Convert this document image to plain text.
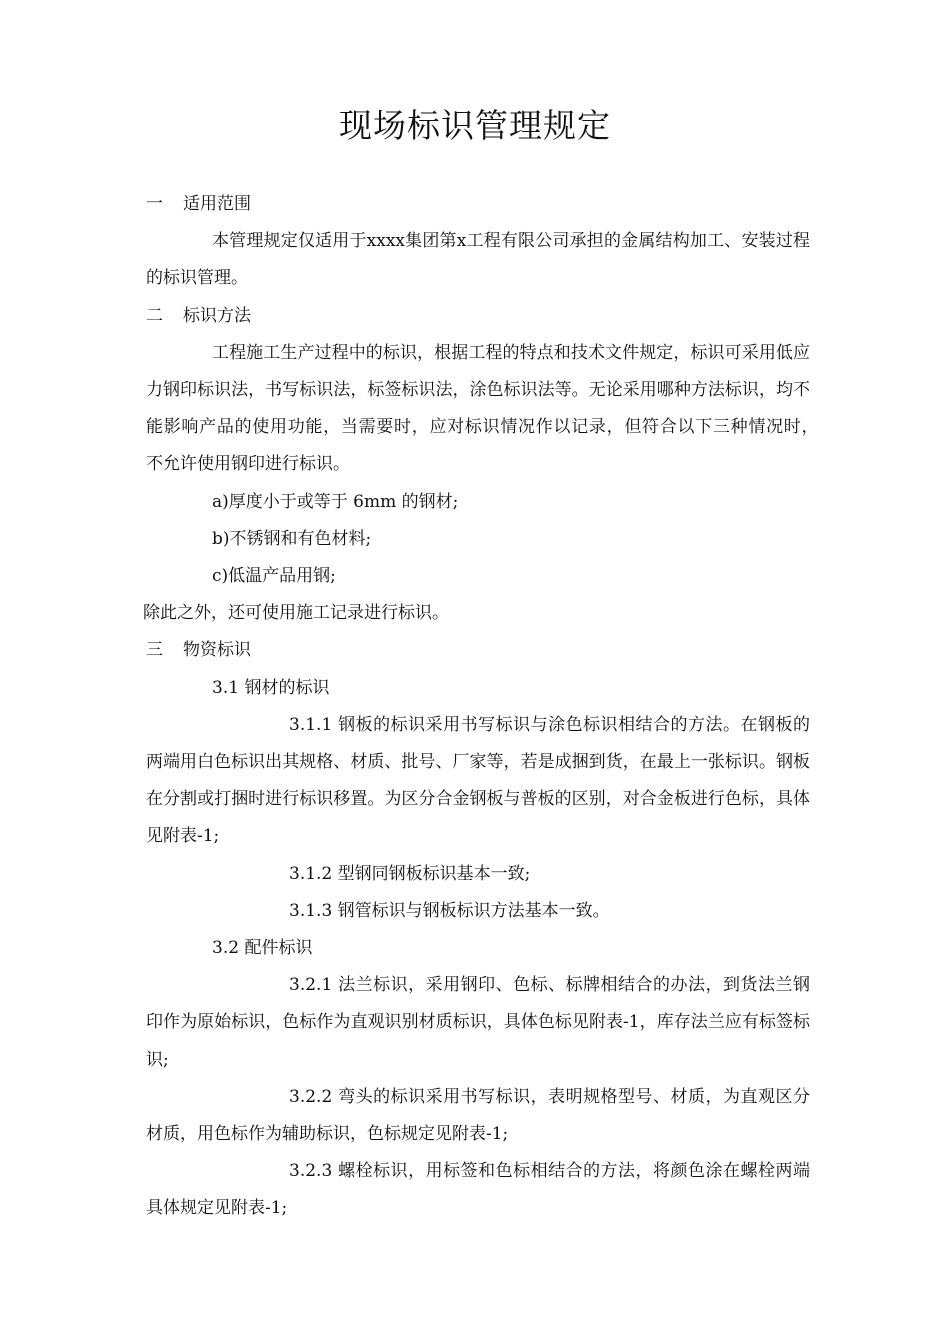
现场标识管理规定

一 适用范围

本管理规定仅适用于xxxx集团第x工程有限公司承担的金属结构加工、安装过程的标识管理。

二 标识方法

工程施工生产过程中的标识，根据工程的特点和技术文件规定，标识可采用低应力钢印标识法，书写标识法，标签标识法，涂色标识法等。无论采用哪种方法标识，均不能影响产品的使用功能，当需要时，应对标识情况作以记录，但符合以下三种情况时，　不允许使用钢印进行标识。

a)厚度小于或等于 6mm 的钢材;

b)不锈钢和有色材料;

c)低温产品用钢;

除此之外，还可使用施工记录进行标识。

三 物资标识

3.1 钢材的标识

3.1.1 钢板的标识采用书写标识与涂色标识相结合的方法。在钢板的两端用白色标识出其规格、材质、批号、厂家等，若是成捆到货，在最上一张标识。钢板在分割或打捆时进行标识移置。为区分合金钢板与普板的区别，对合金板进行色标，具体见附表-1;

3.1.2 型钢同钢板标识基本一致;

3.1.3 钢管标识与钢板标识方法基本一致。

3.2 配件标识

3.2.1 法兰标识，采用钢印、色标、标牌相结合的办法，到货法兰钢印作为原始标识，色标作为直观识别材质标识，具体色标见附表-1，库存法兰应有标签标识;

3.2.2 弯头的标识采用书写标识，表明规格型号、材质，为直观区分材质，用色标作为辅助标识，色标规定见附表-1;

3.2.3 螺栓标识，用标签和色标相结合的方法，将颜色涂在螺栓两端具体规定见附表-1;
